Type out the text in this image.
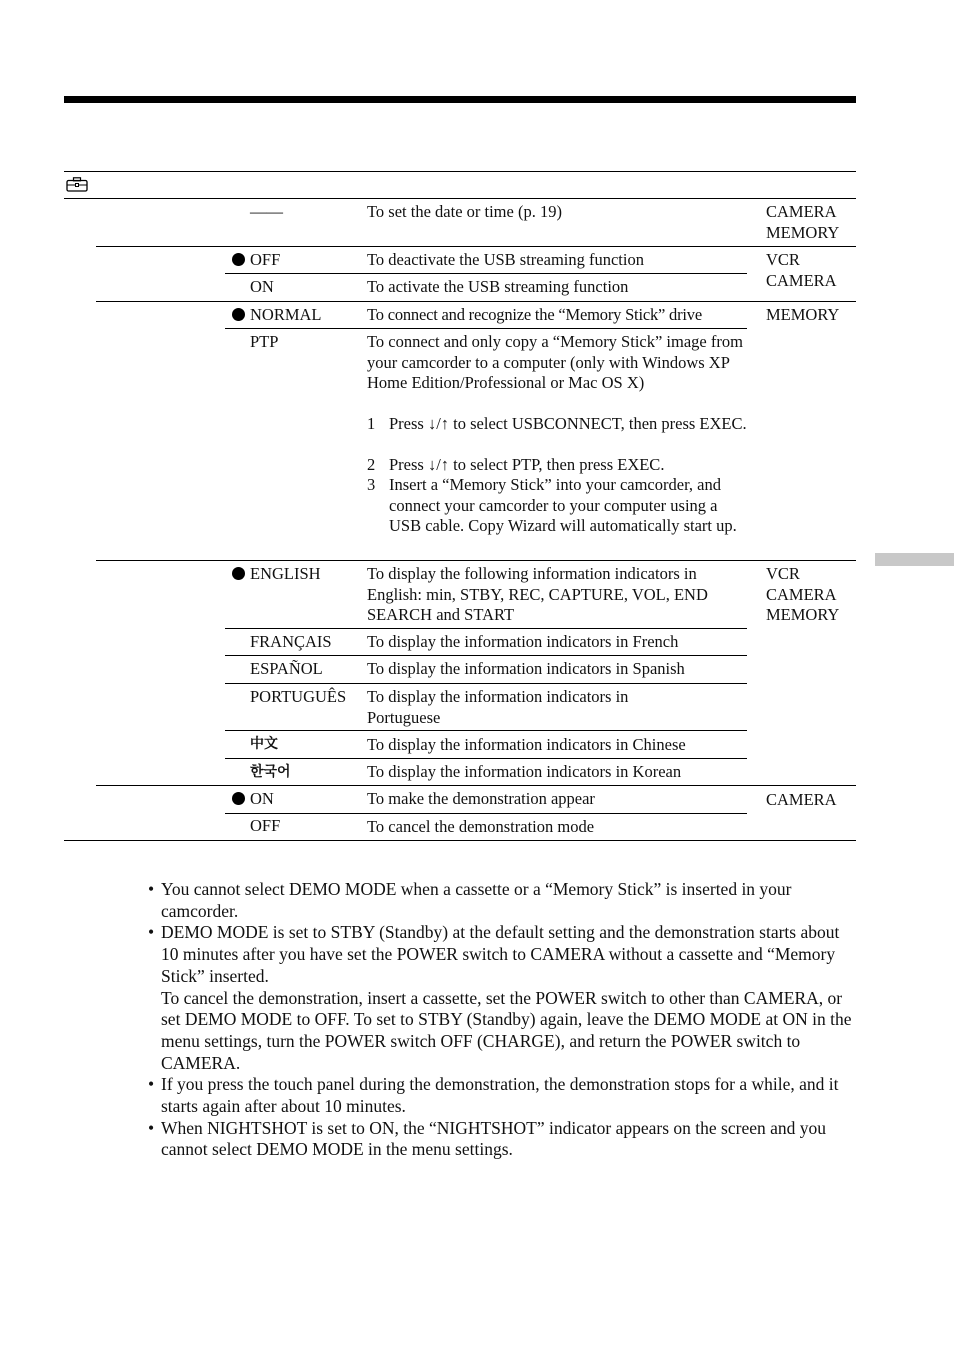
——	To set the date or time (p. 19)	CAMERA
MEMORY
OFF	To deactivate the USB streaming function	VCR
CAMERA
ON	To activate the USB streaming function
NORMAL	To connect and recognize the “Memory Stick” drive	MEMORY
PTP	To connect and only copy a “Memory Stick” image from your camcorder to a computer (only with Windows XP Home Edition/Professional or Mac OS X)
1 Press ↓/↑ to select USBCONNECT, then press EXEC.
2 Press ↓/↑ to select PTP, then press EXEC.
3 Insert a “Memory Stick” into your camcorder, and connect your camcorder to your computer using a USB cable. Copy Wizard will automatically start up.
ENGLISH	To display the following information indicators in English: min, STBY, REC, CAPTURE, VOL, END SEARCH and START
VCR
CAMERA
MEMORY
FRANÇAIS To display the information indicators in French
ESPAÑOL	To display the information indicators in Spanish
PORTUGUÊS To display the information indicators in Portuguese
中文	To display the information indicators in Chinese
한국어	To display the information indicators in Korean
ON	To make the demonstration appear	CAMERA
OFF	To cancel the demonstration mode
• You cannot select DEMO MODE when a cassette or a “Memory Stick” is inserted in your camcorder.

• DEMO MODE is set to STBY (Standby) at the default setting and the demonstration starts about 10 minutes after you have set the POWER switch to CAMERA without a cassette and “Memory Stick” inserted.

To cancel the demonstration, insert a cassette, set the POWER switch to other than CAMERA, or set DEMO MODE to OFF. To set to STBY (Standby) again, leave the DEMO MODE at ON in the menu settings, turn the POWER switch OFF (CHARGE), and return the POWER switch to CAMERA.

• If you press the touch panel during the demonstration, the demonstration stops for a while, and it starts again after about 10 minutes.

• When NIGHTSHOT is set to ON, the “NIGHTSHOT” indicator appears on the screen and you cannot select DEMO MODE in the menu settings.
